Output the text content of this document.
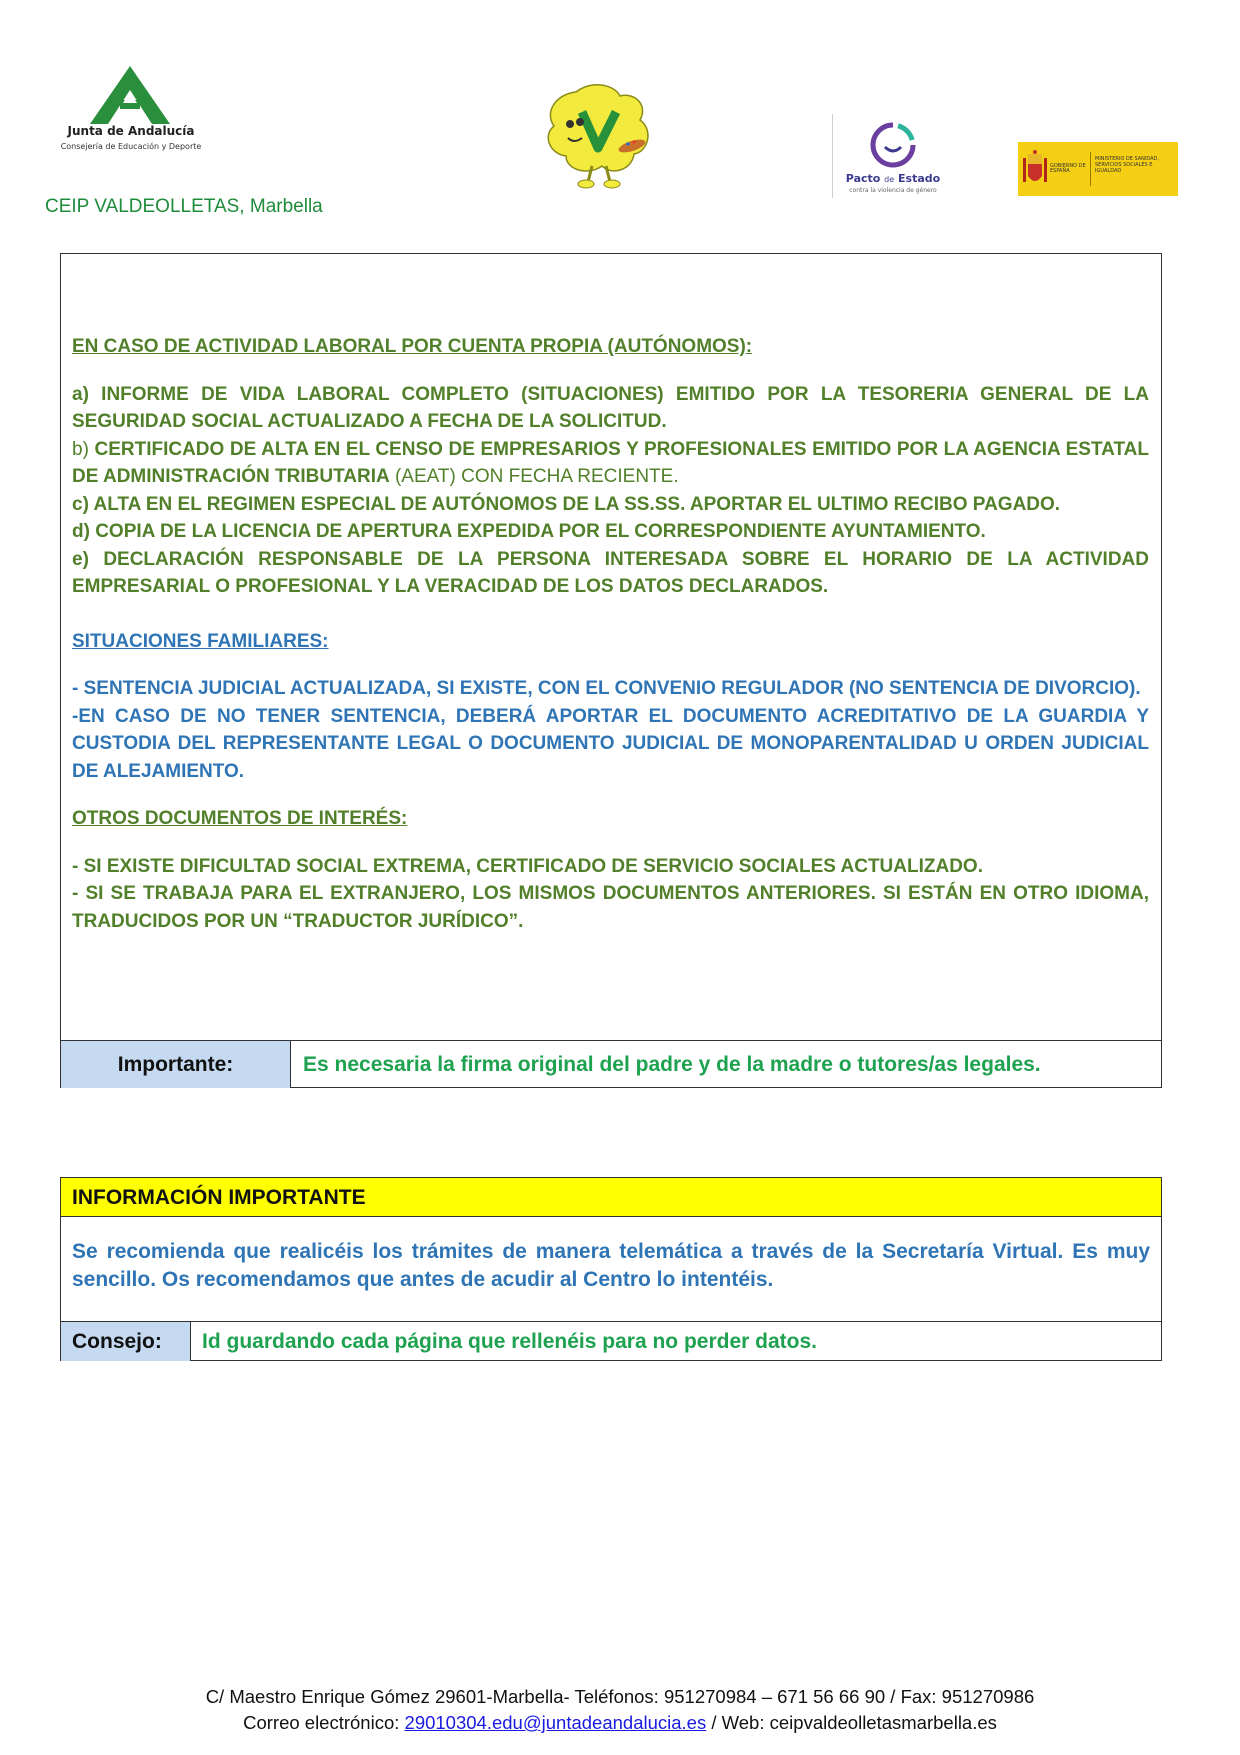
Junta de Andalucía
Consejería de Educación y Deporte
Pacto de Estado
contra la violencia de género
GOBIERNO DE ESPAÑA
MINISTERIO DE SANIDAD, SERVICIOS SOCIALES E IGUALDAD
CEIP VALDEOLLETAS, Marbella

EN CASO DE ACTIVIDAD LABORAL POR CUENTA PROPIA (AUTÓNOMOS):

a) INFORME DE VIDA LABORAL COMPLETO (SITUACIONES) EMITIDO POR LA TESORERIA GENERAL DE LA SEGURIDAD SOCIAL ACTUALIZADO A FECHA DE LA SOLICITUD.

b) CERTIFICADO DE ALTA EN EL CENSO DE EMPRESARIOS Y PROFESIONALES EMITIDO POR LA AGENCIA ESTATAL DE ADMINISTRACIÓN TRIBUTARIA (AEAT) CON FECHA RECIENTE.

c) ALTA EN EL REGIMEN ESPECIAL DE AUTÓNOMOS DE LA SS.SS. APORTAR EL ULTIMO RECIBO PAGADO.

d) COPIA DE LA LICENCIA DE APERTURA EXPEDIDA POR EL CORRESPONDIENTE AYUNTAMIENTO.

e) DECLARACIÓN RESPONSABLE DE LA PERSONA INTERESADA SOBRE EL HORARIO DE LA ACTIVIDAD EMPRESARIAL O PROFESIONAL Y LA VERACIDAD DE LOS DATOS DECLARADOS.

SITUACIONES FAMILIARES:

- SENTENCIA JUDICIAL ACTUALIZADA, SI EXISTE, CON EL CONVENIO REGULADOR (NO SENTENCIA DE DIVORCIO).

-EN CASO DE NO TENER SENTENCIA, DEBERÁ APORTAR EL DOCUMENTO ACREDITATIVO DE LA GUARDIA Y CUSTODIA DEL REPRESENTANTE LEGAL O DOCUMENTO JUDICIAL DE MONOPARENTALIDAD U ORDEN JUDICIAL DE ALEJAMIENTO.

OTROS DOCUMENTOS DE INTERÉS:

- SI EXISTE DIFICULTAD SOCIAL EXTREMA, CERTIFICADO DE SERVICIO SOCIALES ACTUALIZADO.

- SI SE TRABAJA PARA EL EXTRANJERO, LOS MISMOS DOCUMENTOS ANTERIORES. SI ESTÁN EN OTRO IDIOMA, TRADUCIDOS POR UN “TRADUCTOR JURÍDICO”.

Importante:	Es necesaria la firma original del padre y de la madre o tutores/as legales.
INFORMACIÓN IMPORTANTE
Se recomienda que realicéis los trámites de manera telemática a través de la Secretaría Virtual. Es muy sencillo. Os recomendamos que antes de acudir al Centro lo intentéis.
Consejo:	Id guardando cada página que rellenéis para no perder datos.
C/ Maestro Enrique Gómez 29601-Marbella- Teléfonos: 951270984 – 671 56 66 90 / Fax: 951270986
Correo electrónico: 29010304.edu@juntadeandalucia.es / Web: ceipvaldeolletasmarbella.es
